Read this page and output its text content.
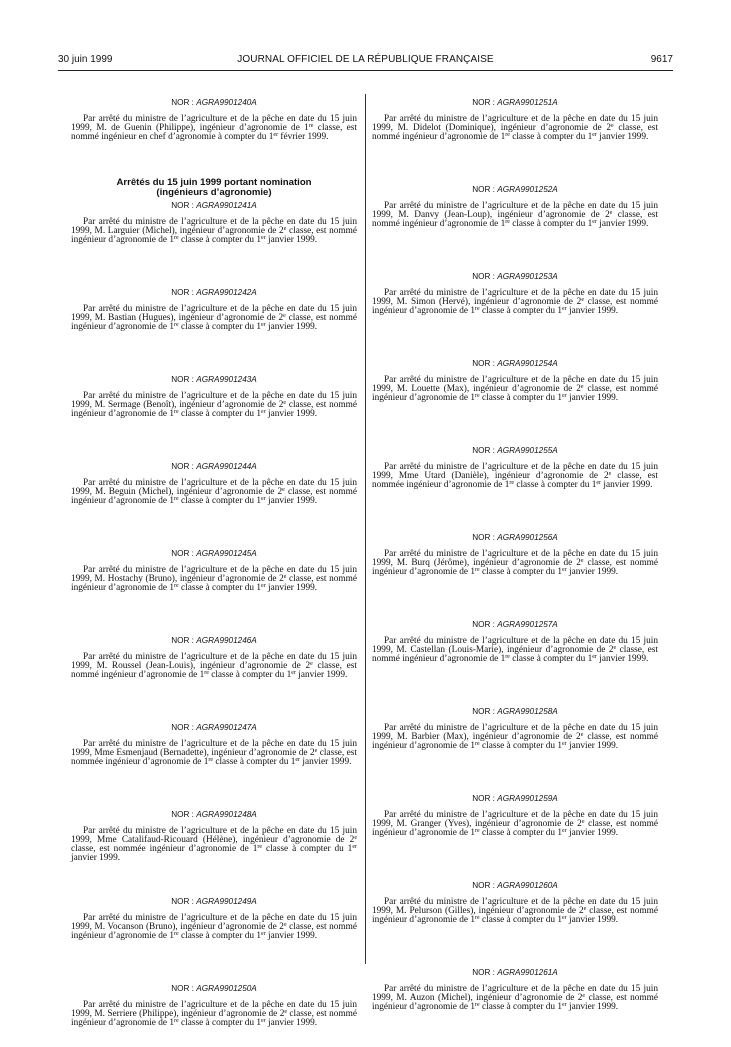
30 juin 1999	JOURNAL OFFICIEL DE LA RÉPUBLIQUE FRANÇAISE	9617
NOR : AGRA9901240A

Par arrêté du ministre de l’agriculture et de la pêche en date du 15 juin 1999, M. de Guenin (Philippe), ingénieur d’agronomie de 1re classe, est nommé ingénieur en chef d’agronomie à compter du 1er février 1999.

Arrêtés du 15 juin 1999 portant nomination
(ingénieurs d’agronomie)
NOR : AGRA9901241A

Par arrêté du ministre de l’agriculture et de la pêche en date du 15 juin 1999, M. Larguier (Michel), ingénieur d’agronomie de 2e classe, est nommé ingénieur d’agronomie de 1re classe à compter du 1er janvier 1999.

NOR : AGRA9901242A

Par arrêté du ministre de l’agriculture et de la pêche en date du 15 juin 1999, M. Bastian (Hugues), ingénieur d’agronomie de 2e classe, est nommé ingénieur d’agronomie de 1re classe à compter du 1er janvier 1999.

NOR : AGRA9901243A

Par arrêté du ministre de l’agriculture et de la pêche en date du 15 juin 1999, M. Sermage (Benoît), ingénieur d’agronomie de 2e classe, est nommé ingénieur d’agronomie de 1re classe à compter du 1er janvier 1999.

NOR : AGRA9901244A

Par arrêté du ministre de l’agriculture et de la pêche en date du 15 juin 1999, M. Beguin (Michel), ingénieur d’agronomie de 2e classe, est nommé ingénieur d’agronomie de 1re classe à compter du 1er janvier 1999.

NOR : AGRA9901245A

Par arrêté du ministre de l’agriculture et de la pêche en date du 15 juin 1999, M. Hostachy (Bruno), ingénieur d’agronomie de 2e classe, est nommé ingénieur d’agronomie de 1re classe à compter du 1er janvier 1999.

NOR : AGRA9901246A

Par arrêté du ministre de l’agriculture et de la pêche en date du 15 juin 1999, M. Roussel (Jean-Louis), ingénieur d’agronomie de 2e classe, est nommé ingénieur d’agronomie de 1re classe à compter du 1er janvier 1999.

NOR : AGRA9901247A

Par arrêté du ministre de l’agriculture et de la pêche en date du 15 juin 1999, Mme Esmenjaud (Bernadette), ingénieur d’agronomie de 2e classe, est nommée ingénieur d’agronomie de 1re classe à compter du 1er janvier 1999.

NOR : AGRA9901248A

Par arrêté du ministre de l’agriculture et de la pêche en date du 15 juin 1999, Mme Catalifaud-Ricouard (Hélène), ingénieur d’agronomie de 2e classe, est nommée ingénieur d’agronomie de 1re classe à compter du 1er janvier 1999.

NOR : AGRA9901249A

Par arrêté du ministre de l’agriculture et de la pêche en date du 15 juin 1999, M. Vocanson (Bruno), ingénieur d’agronomie de 2e classe, est nommé ingénieur d’agronomie de 1re classe à compter du 1er janvier 1999.

NOR : AGRA9901250A

Par arrêté du ministre de l’agriculture et de la pêche en date du 15 juin 1999, M. Serriere (Philippe), ingénieur d’agronomie de 2e classe, est nommé ingénieur d’agronomie de 1re classe à compter du 1er janvier 1999.

NOR : AGRA9901251A

Par arrêté du ministre de l’agriculture et de la pêche en date du 15 juin 1999, M. Didelot (Dominique), ingénieur d’agronomie de 2e classe, est nommé ingénieur d’agronomie de 1re classe à compter du 1er janvier 1999.

NOR : AGRA9901252A

Par arrêté du ministre de l’agriculture et de la pêche en date du 15 juin 1999, M. Danvy (Jean-Loup), ingénieur d’agronomie de 2e classe, est nommé ingénieur d’agronomie de 1re classe à compter du 1er janvier 1999.

NOR : AGRA9901253A

Par arrêté du ministre de l’agriculture et de la pêche en date du 15 juin 1999, M. Simon (Hervé), ingénieur d’agronomie de 2e classe, est nommé ingénieur d’agronomie de 1re classe à compter du 1er janvier 1999.

NOR : AGRA9901254A

Par arrêté du ministre de l’agriculture et de la pêche en date du 15 juin 1999, M. Louette (Max), ingénieur d’agronomie de 2e classe, est nommé ingénieur d’agronomie de 1re classe à compter du 1er janvier 1999.

NOR : AGRA9901255A

Par arrêté du ministre de l’agriculture et de la pêche en date du 15 juin 1999, Mme Utard (Danièle), ingénieur d’agronomie de 2e classe, est nommée ingénieur d’agronomie de 1re classe à compter du 1er janvier 1999.

NOR : AGRA9901256A

Par arrêté du ministre de l’agriculture et de la pêche en date du 15 juin 1999, M. Burq (Jérôme), ingénieur d’agronomie de 2e classe, est nommé ingénieur d’agronomie de 1re classe à compter du 1er janvier 1999.

NOR : AGRA9901257A

Par arrêté du ministre de l’agriculture et de la pêche en date du 15 juin 1999, M. Castellan (Louis-Marie), ingénieur d’agronomie de 2e classe, est nommé ingénieur d’agronomie de 1re classe à compter du 1er janvier 1999.

NOR : AGRA9901258A

Par arrêté du ministre de l’agriculture et de la pêche en date du 15 juin 1999, M. Barbier (Max), ingénieur d’agronomie de 2e classe, est nommé ingénieur d’agronomie de 1re classe à compter du 1er janvier 1999.

NOR : AGRA9901259A

Par arrêté du ministre de l’agriculture et de la pêche en date du 15 juin 1999, M. Granger (Yves), ingénieur d’agronomie de 2e classe, est nommé ingénieur d’agronomie de 1re classe à compter du 1er janvier 1999.

NOR : AGRA9901260A

Par arrêté du ministre de l’agriculture et de la pêche en date du 15 juin 1999, M. Pelurson (Gilles), ingénieur d’agronomie de 2e classe, est nommé ingénieur d’agronomie de 1re classe à compter du 1er janvier 1999.

NOR : AGRA9901261A

Par arrêté du ministre de l’agriculture et de la pêche en date du 15 juin 1999, M. Auzon (Michel), ingénieur d’agronomie de 2e classe, est nommé ingénieur d’agronomie de 1re classe à compter du 1er janvier 1999.
